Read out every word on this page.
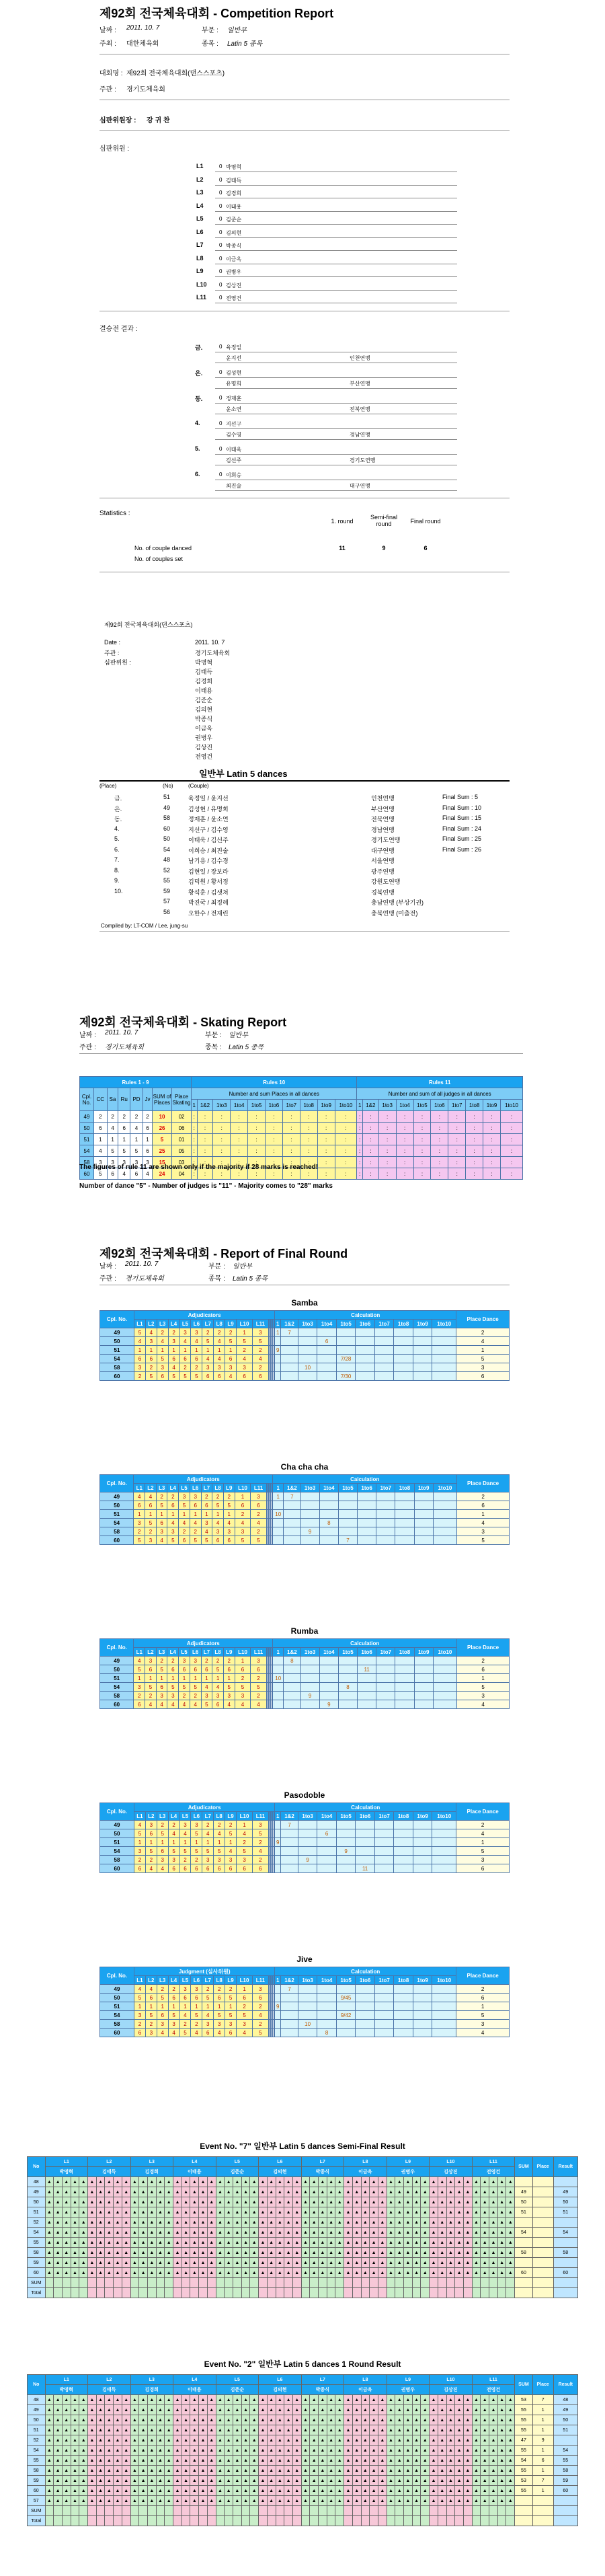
제92회 전국체육대회 - Competition Report
날짜 : 2011. 10. 7	부문 : 일반부
주최 : 대한체육회	종목 : Latin 5 종목
대회명 : 제92회 전국체육대회(댄스스포츠)
주관 : 경기도체육회
심판위원장 : 강 귀 찬
심판위원 :
L1	0 박명혁
L2	0 김태득
L3	0 김경희
L4	0 이태용
L5	0 김준순
L6	0 김의현
L7	0 박종식
L8	0 이금옥
L9	0 권병우
L10 0 김상진
L11 0 전영건
결승전 결과 :
금.	0 육정일
윤지선	인천연맹
은.	0 김성현
유명희	부산연맹
동.	0 정재훈
윤소연	전북연맹
4.	0 지선구
김수영	경남연맹
5.	0 이태욱
김선주	경기도연맹
6.	0 이희승
최진술	대구연맹
Statistics :
1. round
Semi-final round	Final round
No. of couple danced	11	9	6
No. of couples set
제92회 전국체육대회(댄스스포츠)
Date :	2011. 10. 7
주관 :	경기도체육회
심판위원 :	박명혁
김태득
김경희
이태용
김준순
김의현
박종식
이금옥
권병우
김상진
전영건
일반부 Latin 5 dances
(Place)	(No)	(Couple)
금.	51	육정일 / 윤지선	인천연맹	Final Sum : 5
은.	49	김성현 / 유명희	부산연맹	Final Sum : 10
동.	58	정재훈 / 윤소연	전북연맹	Final Sum : 15
4.	60	지선구 / 김수영	경남연맹	Final Sum : 24
5.	50	이태욱 / 김선주	경기도연맹	Final Sum : 25
6.	54	이희승 / 최진술	대구연맹	Final Sum : 26
7.	48	남기용 / 김수경	서울연맹
8.	52	김현일 / 장보라	광주연맹
9.	55	김덕원 / 황서정	강원도연맹
10.	59	황석훈 / 김샛쳐	경북연맹
57	박진국 / 최정혜	충남연맹 (부상기권)
56	오한수 / 전재린	충북연맹 (미출전)
Compiled by: LT-COM / Lee, jung-su
제92회 전국체육대회 - Skating Report
날짜 : 2011. 10. 7	부문 : 일반부
주관 : 경기도체육회	종목 : Latin 5 종목
Rules 1 - 9								Rules 10										Rules 11									
Cpl. No.	CC	Sa	Ru	PD	Jv	SUM of Places	Place Skating	Number and sum Places in all dances										Number and sum of all judges in all dances									
								1	1&2	1to3	1to4	1to5	1to6	1to7	1to8	1to9	1to10	1	1&2	1to3	1to4	1to5	1to6	1to7	1to8	1to9	1to10
49	2	2	2	2	2	10	02	:	:	:	:	:	:	:	:	:	:	:	:	:	:	:	:	:	:	:	:
50	6	4	6	4	6	26	06	:	:	:	:	:	:	:	:	:	:	:	:	:	:	:	:	:	:	:	:
51	1	1	1	1	1	5	01	:	:	:	:	:	:	:	:	:	:	:	:	:	:	:	:	:	:	:	:
54	4	5	5	5	6	25	05	:	:	:	:	:	:	:	:	:	:	:	:	:	:	:	:	:	:	:	:
58	3	3	3	3	3	15	03	:	:	:	:	:	:	:	:	:	:	:	:	:	:	:	:	:	:	:	:
60	5	6	4	6	4	24	04	:	:	:	:	:	:	:	:	:	:	:	:	:	:	:	:	:	:	:	:
The figures of rule 11 are shown only if the majority if 28 marks is reached!
Number of dance "5" - Number of judges is "11" - Majority comes to "28" marks
제92회 전국체육대회 - Report of Final Round
날짜 : 2011. 10. 7	부문 : 일반부
주관 : 경기도체육회	종목 : Latin 5 종목
Samba
Cpl. No.	Adjudicators														Calculation										Place Dance
	L1	L2	L3	L4	L5	L6	L7	L8	L9	L10	L11							1	1&2	1to3	1to4	1to5	1to6	1to7	1to8	1to9	1to10	
49	5	4	2	2	3	3	2	2	2	1	3							1	7									2
50	4	3	4	3	4	4	5	4	5	5	5										6							4
51	1	1	1	1	1	1	1	1	1	2	2							9										1
54	6	6	5	6	6	6	4	4	6	4	4											7/28						5
58	3	2	3	4	2	2	3	3	3	3	2									10								3
60	2	5	6	5	5	5	6	6	4	6	6											7/30						6
Cha cha cha
Cpl. No.	Adjudicators														Calculation										Place Dance
	L1	L2	L3	L4	L5	L6	L7	L8	L9	L10	L11							1	1&2	1to3	1to4	1to5	1to6	1to7	1to8	1to9	1to10	
49	4	4	2	2	3	3	2	2	2	1	3							1	7									2
50	6	6	5	6	5	6	6	5	5	6	6																	6
51	1	1	1	1	1	1	1	1	1	2	2							10										1
54	3	5	6	4	4	4	3	4	4	4	4										8							4
58	2	2	3	3	2	2	4	3	3	3	2									9								3
60	5	3	4	5	6	5	5	6	6	5	5											7						5
Rumba
Cpl. No.	Adjudicators														Calculation										Place Dance
	L1	L2	L3	L4	L5	L6	L7	L8	L9	L10	L11							1	1&2	1to3	1to4	1to5	1to6	1to7	1to8	1to9	1to10	
49	4	3	2	2	3	3	2	2	2	1	3								8									2
50	5	6	5	6	6	6	6	5	6	6	6												11					6
51	1	1	1	1	1	1	1	1	1	2	2							10										1
54	3	5	6	5	5	5	4	4	5	5	5											8						5
58	2	2	3	3	2	2	3	3	3	3	2									9								3
60	6	4	4	4	4	4	5	6	4	4	4										9							4
Pasodoble
Cpl. No.	Adjudicators														Calculation										Place Dance
	L1	L2	L3	L4	L5	L6	L7	L8	L9	L10	L11							1	1&2	1to3	1to4	1to5	1to6	1to7	1to8	1to9	1to10	
49	4	3	2	2	3	3	2	2	2	1	3								7									2
50	5	6	5	4	4	5	4	4	5	4	5										6							4
51	1	1	1	1	1	1	1	1	1	2	2							9										1
54	3	5	6	5	5	5	5	5	4	5	4											9						5
58	2	2	3	3	2	2	3	3	3	3	2									9								3
60	6	4	4	6	6	6	6	6	6	6	6												11					6
Jive
Cpl. No.	Judgment (심사위원)														Calculation										Place Dance
	L1	L2	L3	L4	L5	L6	L7	L8	L9	L10	L11							1	1&2	1to3	1to4	1to5	1to6	1to7	1to8	1to9	1to10	
49	4	4	2	2	3	3	2	2	2	1	3								7									2
50	5	6	5	6	6	6	5	6	5	6	6											9/45						6
51	1	1	1	1	1	1	1	1	1	2	2							9										1
54	3	5	6	5	4	5	4	5	5	5	4											9/42						5
58	2	2	3	3	2	2	3	3	3	3	2									10								3
60	6	3	4	4	5	4	6	4	6	4	5										8							4
Event No. "7" 일반부 Latin 5 dances Semi-Final Result
No	L1					L2					L3					L4					L5					L6					L7					L8					L9					L10					L11					SUM	Place	Result
	박명혁					김태득					김경희					이태용					김준순					김의현					박종식					이금옥					권병우					김상진					전영건							
48	▲	▲	▲	▲	▲	▲	▲	▲	▲	▲	▲	▲	▲	▲	▲	▲	▲	▲	▲	▲	▲	▲	▲	▲	▲	▲	▲	▲	▲	▲	▲	▲	▲	▲	▲	▲	▲	▲	▲	▲	▲	▲	▲	▲	▲	▲	▲	▲	▲	▲	▲	▲	▲	▲	▲			
49	▲	▲	▲	▲	▲	▲	▲	▲	▲	▲	▲	▲	▲	▲	▲	▲	▲	▲	▲	▲	▲	▲	▲	▲	▲	▲	▲	▲	▲	▲	▲	▲	▲	▲	▲	▲	▲	▲	▲	▲	▲	▲	▲	▲	▲	▲	▲	▲	▲	▲	▲	▲	▲	▲	▲	49		49
50	▲	▲	▲	▲	▲	▲	▲	▲	▲	▲	▲	▲	▲	▲	▲	▲	▲	▲	▲	▲	▲	▲	▲	▲	▲	▲	▲	▲	▲	▲	▲	▲	▲	▲	▲	▲	▲	▲	▲	▲	▲	▲	▲	▲	▲	▲	▲	▲	▲	▲	▲	▲	▲	▲	▲	50		50
51	▲	▲	▲	▲	▲	▲	▲	▲	▲	▲	▲	▲	▲	▲	▲	▲	▲	▲	▲	▲	▲	▲	▲	▲	▲	▲	▲	▲	▲	▲	▲	▲	▲	▲	▲	▲	▲	▲	▲	▲	▲	▲	▲	▲	▲	▲	▲	▲	▲	▲	▲	▲	▲	▲	▲	51		51
52	▲	▲	▲	▲	▲	▲	▲	▲	▲	▲	▲	▲	▲	▲	▲	▲	▲	▲	▲	▲	▲	▲	▲	▲	▲	▲	▲	▲	▲	▲	▲	▲	▲	▲	▲	▲	▲	▲	▲	▲	▲	▲	▲	▲	▲	▲	▲	▲	▲	▲	▲	▲	▲	▲	▲			
54	▲	▲	▲	▲	▲	▲	▲	▲	▲	▲	▲	▲	▲	▲	▲	▲	▲	▲	▲	▲	▲	▲	▲	▲	▲	▲	▲	▲	▲	▲	▲	▲	▲	▲	▲	▲	▲	▲	▲	▲	▲	▲	▲	▲	▲	▲	▲	▲	▲	▲	▲	▲	▲	▲	▲	54		54
55	▲	▲	▲	▲	▲	▲	▲	▲	▲	▲	▲	▲	▲	▲	▲	▲	▲	▲	▲	▲	▲	▲	▲	▲	▲	▲	▲	▲	▲	▲	▲	▲	▲	▲	▲	▲	▲	▲	▲	▲	▲	▲	▲	▲	▲	▲	▲	▲	▲	▲	▲	▲	▲	▲	▲			
58	▲	▲	▲	▲	▲	▲	▲	▲	▲	▲	▲	▲	▲	▲	▲	▲	▲	▲	▲	▲	▲	▲	▲	▲	▲	▲	▲	▲	▲	▲	▲	▲	▲	▲	▲	▲	▲	▲	▲	▲	▲	▲	▲	▲	▲	▲	▲	▲	▲	▲	▲	▲	▲	▲	▲	58		58
59	▲	▲	▲	▲	▲	▲	▲	▲	▲	▲	▲	▲	▲	▲	▲	▲	▲	▲	▲	▲	▲	▲	▲	▲	▲	▲	▲	▲	▲	▲	▲	▲	▲	▲	▲	▲	▲	▲	▲	▲	▲	▲	▲	▲	▲	▲	▲	▲	▲	▲	▲	▲	▲	▲	▲			
60	▲	▲	▲	▲	▲	▲	▲	▲	▲	▲	▲	▲	▲	▲	▲	▲	▲	▲	▲	▲	▲	▲	▲	▲	▲	▲	▲	▲	▲	▲	▲	▲	▲	▲	▲	▲	▲	▲	▲	▲	▲	▲	▲	▲	▲	▲	▲	▲	▲	▲	▲	▲	▲	▲	▲	60		60
SUM																																																										
Total																																																										
Event No. "2" 일반부 Latin 5 dances 1 Round Result
No	L1					L2					L3					L4					L5					L6					L7					L8					L9					L10					L11					SUM	Place	Result
	박명혁					김태득					김경희					이태용					김준순					김의현					박종식					이금옥					권병우					김상진					전영건							
48	▲	▲	▲	▲	▲	▲	▲	▲	▲	▲	▲	▲	▲	▲	▲	▲	▲	▲	▲	▲	▲	▲	▲	▲	▲	▲	▲	▲	▲	▲	▲	▲	▲	▲	▲	▲	▲	▲	▲	▲	▲	▲	▲	▲	▲	▲	▲	▲	▲	▲	▲	▲	▲	▲	▲	53	7	48
49	▲	▲	▲	▲	▲	▲	▲	▲	▲	▲	▲	▲	▲	▲	▲	▲	▲	▲	▲	▲	▲	▲	▲	▲	▲	▲	▲	▲	▲	▲	▲	▲	▲	▲	▲	▲	▲	▲	▲	▲	▲	▲	▲	▲	▲	▲	▲	▲	▲	▲	▲	▲	▲	▲	▲	55	1	49
50	▲	▲	▲	▲	▲	▲	▲	▲	▲	▲	▲	▲	▲	▲	▲	▲	▲	▲	▲	▲	▲	▲	▲	▲	▲	▲	▲	▲	▲	▲	▲	▲	▲	▲	▲	▲	▲	▲	▲	▲	▲	▲	▲	▲	▲	▲	▲	▲	▲	▲	▲	▲	▲	▲	▲	55	1	50
51	▲	▲	▲	▲	▲	▲	▲	▲	▲	▲	▲	▲	▲	▲	▲	▲	▲	▲	▲	▲	▲	▲	▲	▲	▲	▲	▲	▲	▲	▲	▲	▲	▲	▲	▲	▲	▲	▲	▲	▲	▲	▲	▲	▲	▲	▲	▲	▲	▲	▲	▲	▲	▲	▲	▲	55	1	51
52	▲	▲	▲	▲	▲	▲	▲	▲	▲	▲	▲	▲	▲	▲	▲	▲	▲	▲	▲	▲	▲	▲	▲	▲	▲	▲	▲	▲	▲	▲	▲	▲	▲	▲	▲	▲	▲	▲	▲	▲	▲	▲	▲	▲	▲	▲	▲	▲	▲	▲	▲	▲	▲	▲	▲	47	9	
54	▲	▲	▲	▲	▲	▲	▲	▲	▲	▲	▲	▲	▲	▲	▲	▲	▲	▲	▲	▲	▲	▲	▲	▲	▲	▲	▲	▲	▲	▲	▲	▲	▲	▲	▲	▲	▲	▲	▲	▲	▲	▲	▲	▲	▲	▲	▲	▲	▲	▲	▲	▲	▲	▲	▲	55	1	54
55	▲	▲	▲	▲	▲	▲	▲	▲	▲	▲	▲	▲	▲	▲	▲	▲	▲	▲	▲	▲	▲	▲	▲	▲	▲	▲	▲	▲	▲	▲	▲	▲	▲	▲	▲	▲	▲	▲	▲	▲	▲	▲	▲	▲	▲	▲	▲	▲	▲	▲	▲	▲	▲	▲	▲	54	6	55
58	▲	▲	▲	▲	▲	▲	▲	▲	▲	▲	▲	▲	▲	▲	▲	▲	▲	▲	▲	▲	▲	▲	▲	▲	▲	▲	▲	▲	▲	▲	▲	▲	▲	▲	▲	▲	▲	▲	▲	▲	▲	▲	▲	▲	▲	▲	▲	▲	▲	▲	▲	▲	▲	▲	▲	55	1	58
59	▲	▲	▲	▲	▲	▲	▲	▲	▲	▲	▲	▲	▲	▲	▲	▲	▲	▲	▲	▲	▲	▲	▲	▲	▲	▲	▲	▲	▲	▲	▲	▲	▲	▲	▲	▲	▲	▲	▲	▲	▲	▲	▲	▲	▲	▲	▲	▲	▲	▲	▲	▲	▲	▲	▲	53	7	59
60	▲	▲	▲	▲	▲	▲	▲	▲	▲	▲	▲	▲	▲	▲	▲	▲	▲	▲	▲	▲	▲	▲	▲	▲	▲	▲	▲	▲	▲	▲	▲	▲	▲	▲	▲	▲	▲	▲	▲	▲	▲	▲	▲	▲	▲	▲	▲	▲	▲	▲	▲	▲	▲	▲	▲	55	1	60
57	▲	▲	▲	▲	▲	▲	▲	▲	▲	▲	▲	▲	▲	▲	▲	▲	▲	▲	▲	▲	▲	▲	▲	▲	▲	▲	▲	▲	▲	▲	▲	▲	▲	▲	▲	▲	▲	▲	▲	▲	▲	▲	▲	▲	▲	▲	▲	▲	▲	▲	▲	▲	▲	▲	▲			
SUM																																																										
Total																																																										
